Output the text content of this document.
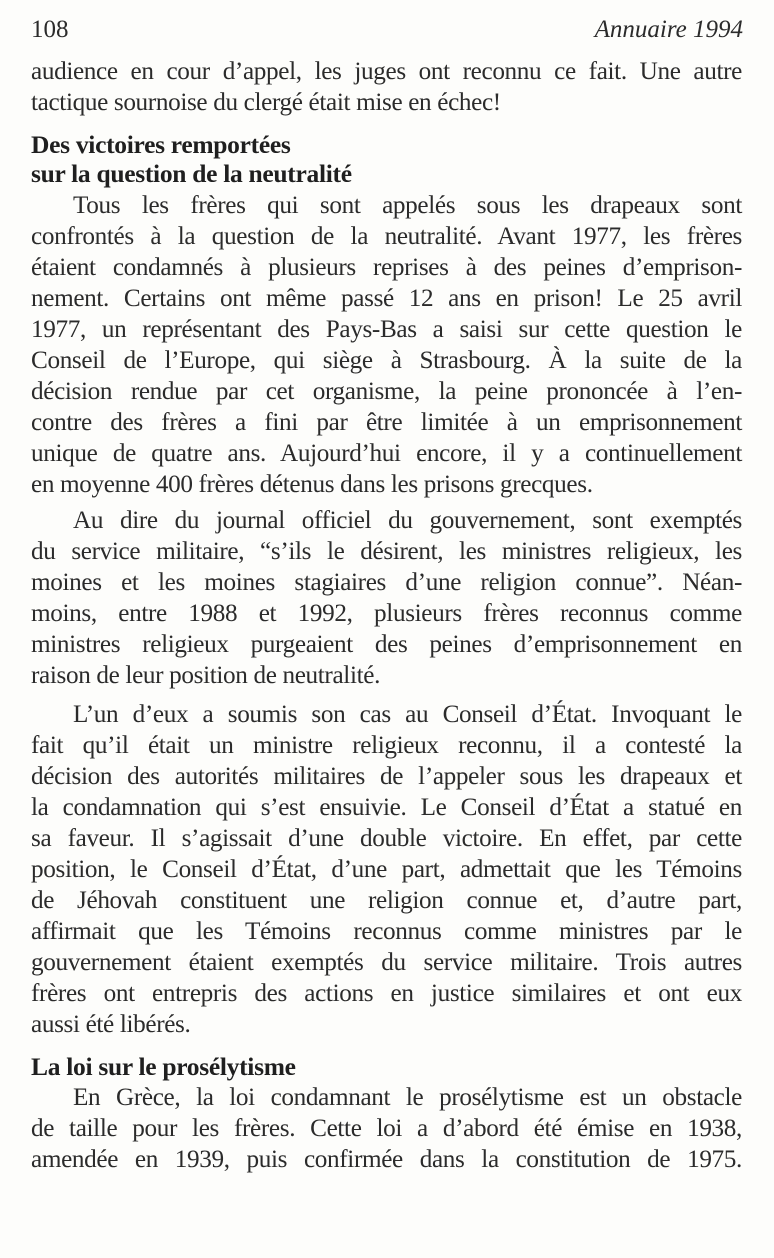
108	Annuaire 1994
audience en cour d’appel, les juges ont reconnu ce fait. Une autre
tactique sournoise du clergé était mise en échec!
Des victoires remportées
sur la question de la neutralité
Tous les frères qui sont appelés sous les drapeaux sont
confrontés à la question de la neutralité. Avant 1977, les frères
étaient condamnés à plusieurs reprises à des peines d’emprison-
nement. Certains ont même passé 12 ans en prison! Le 25 avril
1977, un représentant des Pays-Bas a saisi sur cette question le
Conseil de l’Europe, qui siège à Strasbourg. À la suite de la
décision rendue par cet organisme, la peine prononcée à l’en-
contre des frères a fini par être limitée à un emprisonnement
unique de quatre ans. Aujourd’hui encore, il y a continuellement
en moyenne 400 frères détenus dans les prisons grecques.
Au dire du journal officiel du gouvernement, sont exemptés
du service militaire, “s’ils le désirent, les ministres religieux, les
moines et les moines stagiaires d’une religion connue”. Néan-
moins, entre 1988 et 1992, plusieurs frères reconnus comme
ministres religieux purgeaient des peines d’emprisonnement en
raison de leur position de neutralité.
L’un d’eux a soumis son cas au Conseil d’État. Invoquant le
fait qu’il était un ministre religieux reconnu, il a contesté la
décision des autorités militaires de l’appeler sous les drapeaux et
la condamnation qui s’est ensuivie. Le Conseil d’État a statué en
sa faveur. Il s’agissait d’une double victoire. En effet, par cette
position, le Conseil d’État, d’une part, admettait que les Témoins
de Jéhovah constituent une religion connue et, d’autre part,
affirmait que les Témoins reconnus comme ministres par le
gouvernement étaient exemptés du service militaire. Trois autres
frères ont entrepris des actions en justice similaires et ont eux
aussi été libérés.
La loi sur le prosélytisme
En Grèce, la loi condamnant le prosélytisme est un obstacle
de taille pour les frères. Cette loi a d’abord été émise en 1938,
amendée en 1939, puis confirmée dans la constitution de 1975.
